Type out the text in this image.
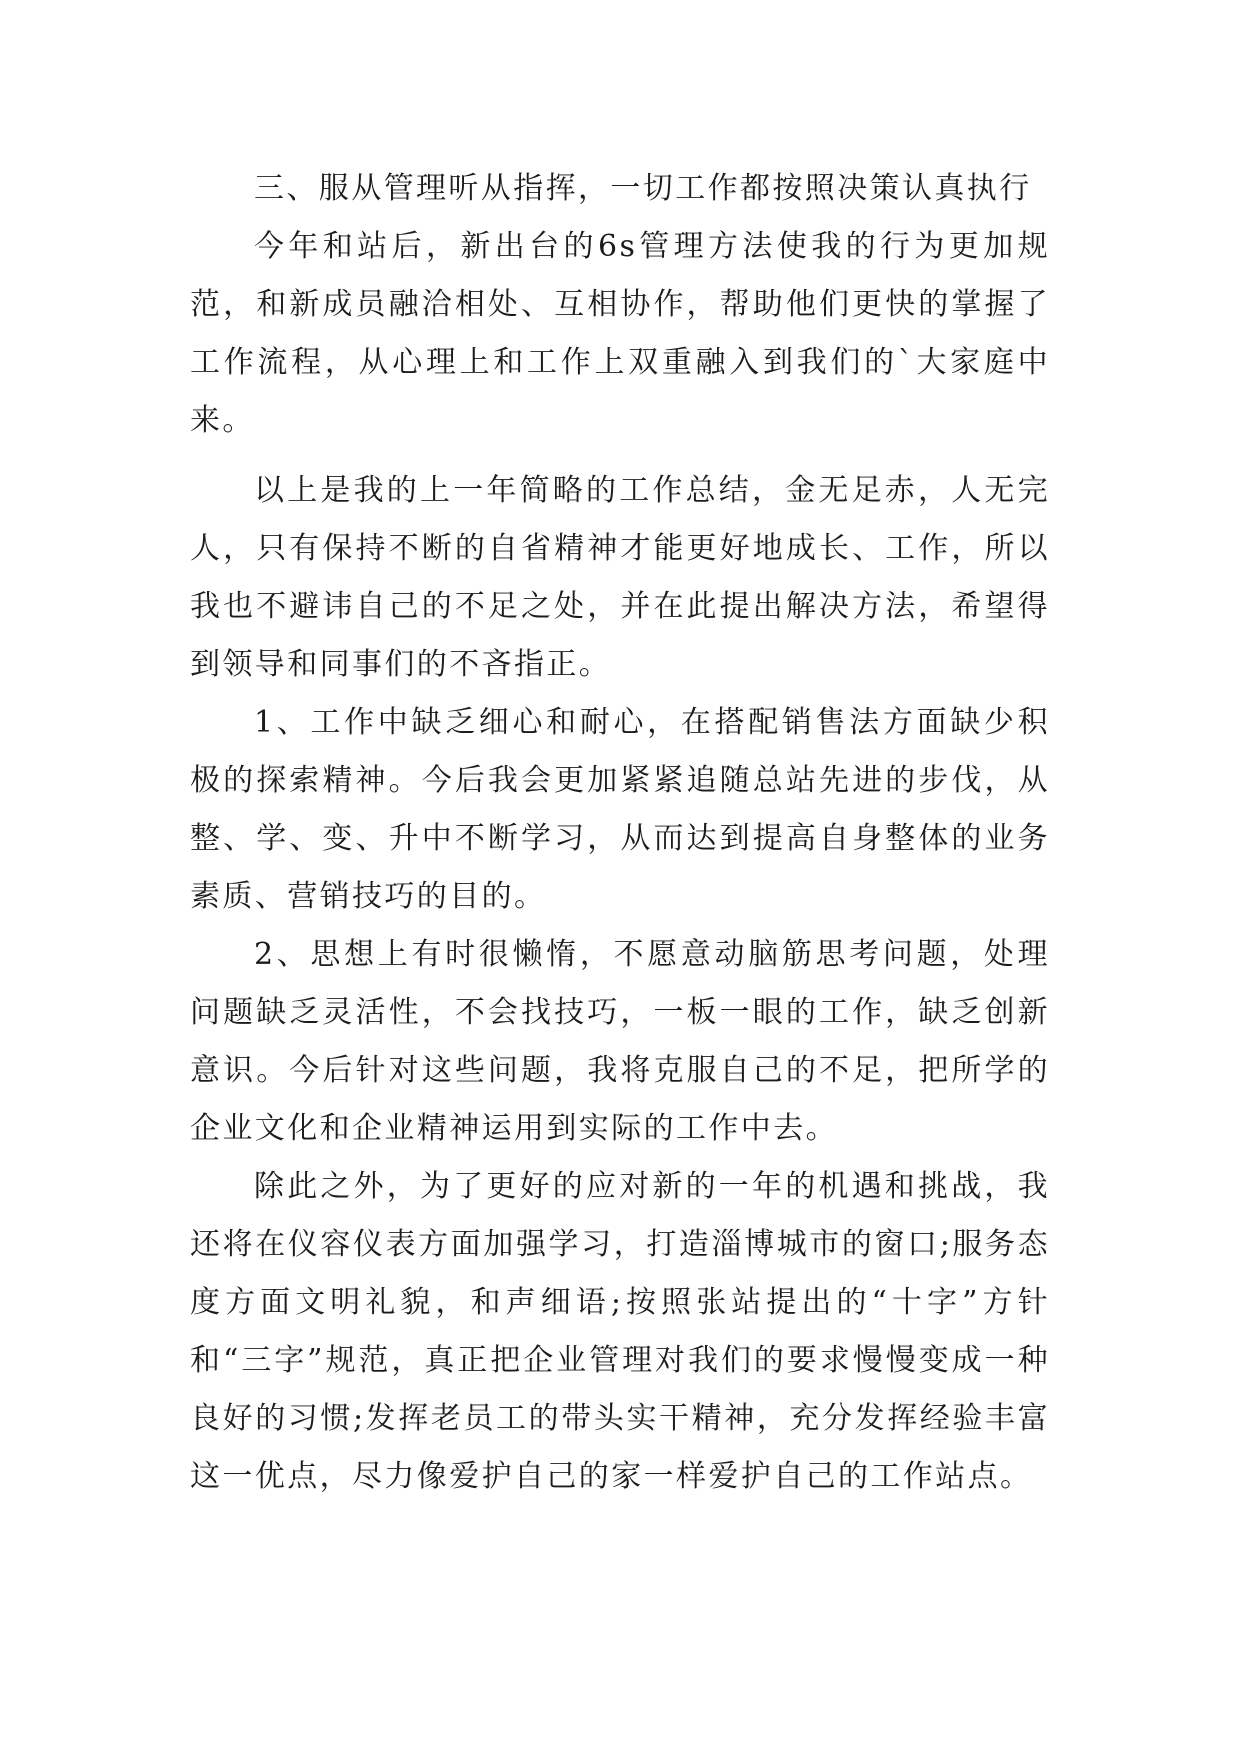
三、服从管理听从指挥，一切工作都按照决策认真执行

今年和站后，新出台的6s管理方法使我的行为更加规范，和新成员融洽相处、互相协作，帮助他们更快的掌握了工作流程，从心理上和工作上双重融入到我们的`大家庭中来。

以上是我的上一年简略的工作总结，金无足赤，人无完人，只有保持不断的自省精神才能更好地成长、工作，所以我也不避讳自己的不足之处，并在此提出解决方法，希望得到领导和同事们的不吝指正。

1、工作中缺乏细心和耐心，在搭配销售法方面缺少积极的探索精神。今后我会更加紧紧追随总站先进的步伐，从整、学、变、升中不断学习，从而达到提高自身整体的业务素质、营销技巧的目的。

2、思想上有时很懒惰，不愿意动脑筋思考问题，处理问题缺乏灵活性，不会找技巧，一板一眼的工作，缺乏创新意识。今后针对这些问题，我将克服自己的不足，把所学的企业文化和企业精神运用到实际的工作中去。

除此之外，为了更好的应对新的一年的机遇和挑战，我还将在仪容仪表方面加强学习，打造淄博城市的窗口;服务态度方面文明礼貌，和声细语;按照张站提出的“十字”方针和“三字”规范，真正把企业管理对我们的要求慢慢变成一种良好的习惯;发挥老员工的带头实干精神，充分发挥经验丰富这一优点，尽力像爱护自己的家一样爱护自己的工作站点。
